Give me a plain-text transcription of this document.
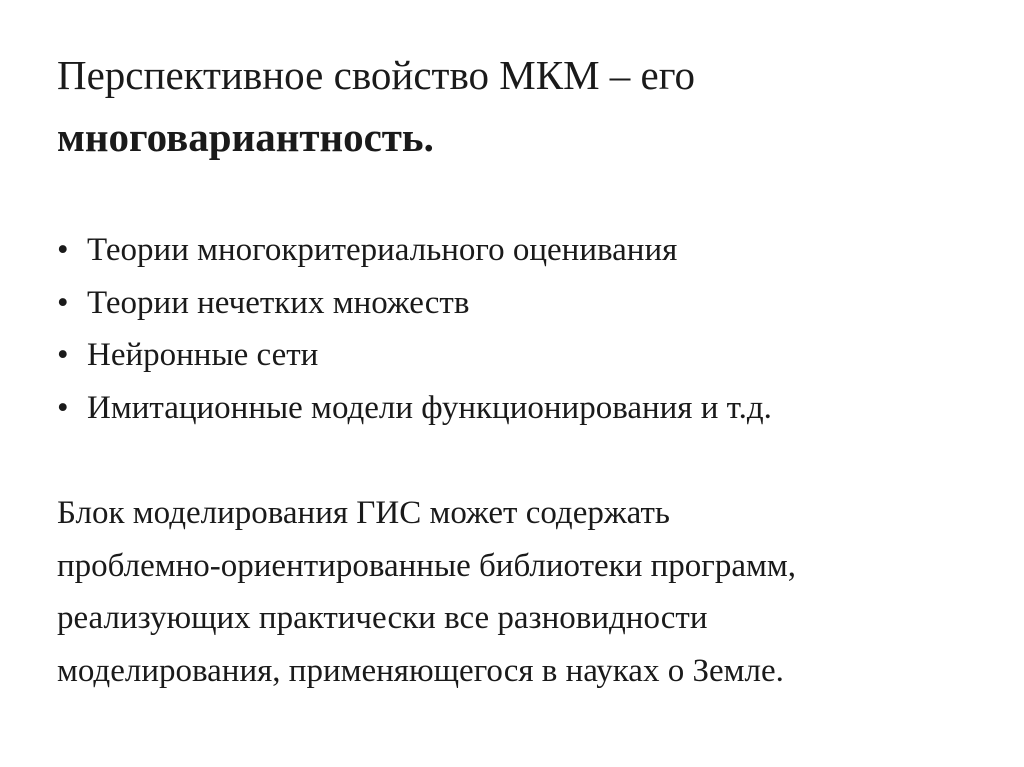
Перспективное свойство МКМ – его
многовариантность.
• Теории многокритериального оценивания
• Теории нечетких множеств
• Нейронные сети
• Имитационные модели функционирования и т.д.

Блок моделирования ГИС может содержать
проблемно-ориентированные библиотеки программ,
реализующих практически все разновидности
моделирования, применяющегося в науках о Земле.
